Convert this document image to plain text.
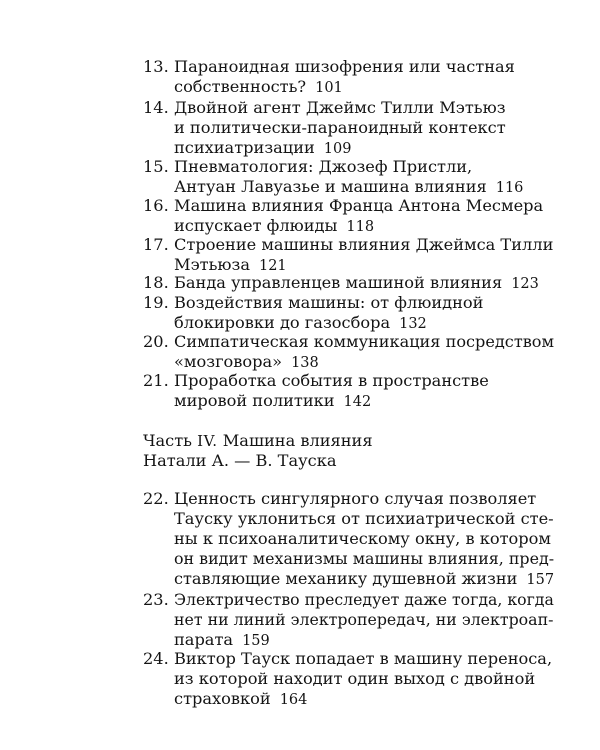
13. Параноидная шизофрения или частная
собственность? 101
14. Двойной агент Джеймс Тилли Мэтьюз
и политически-параноидный контекст
психиатризации 109
15. Пневматология: Джозеф Пристли,
Антуан Лавуазье и машина влияния 116
16. Машина влияния Франца Антона Месмера
испускает флюиды 118
17. Строение машины влияния Джеймса Тилли
Мэтьюза 121
18. Банда управленцев машиной влияния 123
19. Воздействия машины: от флюидной
блокировки до газосбора 132
20. Симпатическая коммуникация посредством
«мозговора» 138
21. Проработка события в пространстве
мировой политики 142
Часть IV. Машина влияния
Натали А. — В. Тауска
22. Ценность сингулярного случая позволяет
Тауску уклониться от психиатрической сте-
ны к психоаналитическому окну, в котором
он видит механизмы машины влияния, пред-
ставляющие механику душевной жизни 157
23. Электричество преследует даже тогда, когда
нет ни линий электропередач, ни электроап-
парата 159
24. Виктор Тауск попадает в машину переноса,
из которой находит один выход с двойной
страховкой 164
